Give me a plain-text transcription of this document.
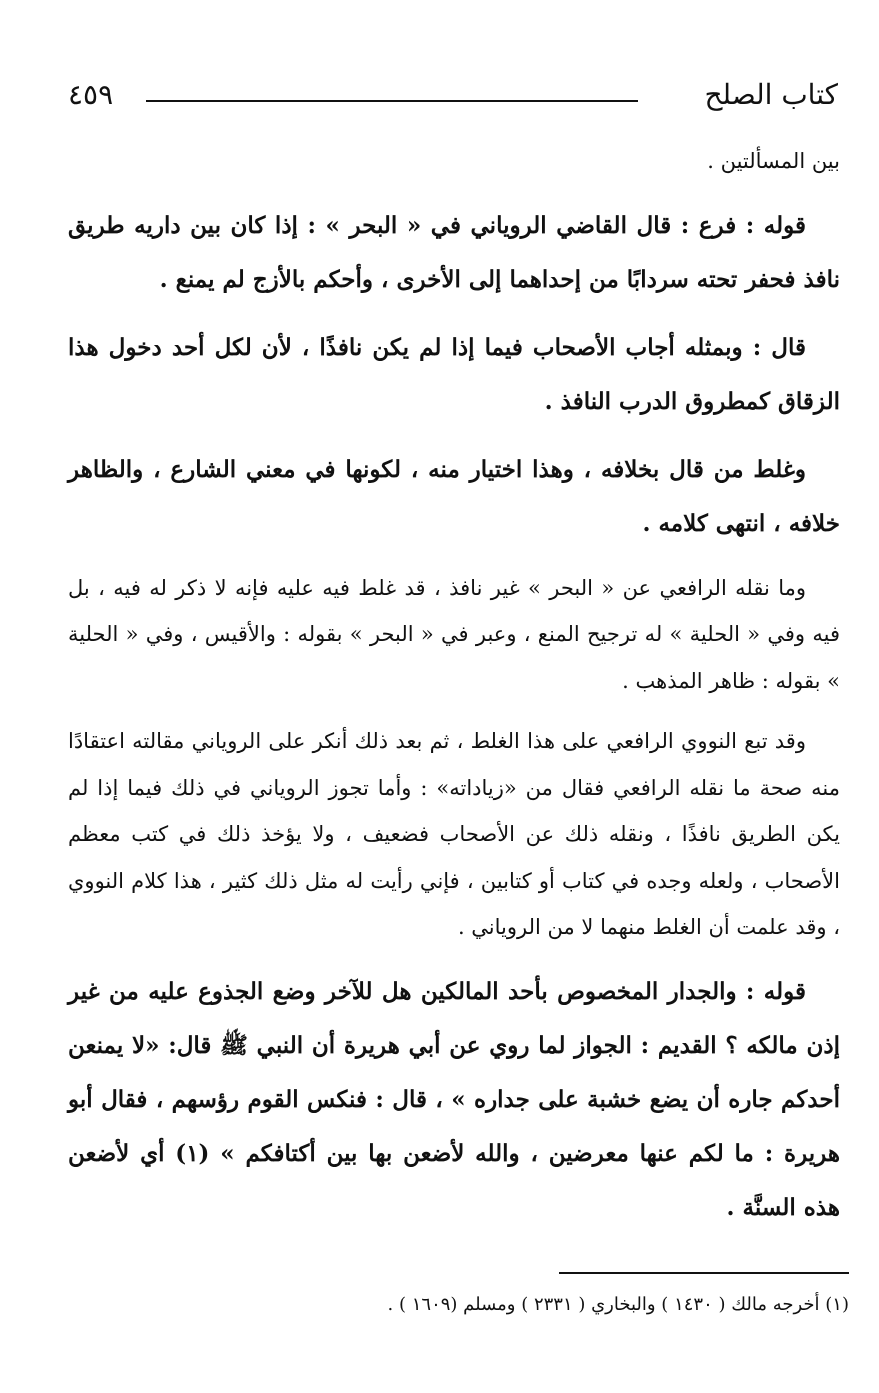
كتاب الصلح
٤٥٩

بين المسألتين .

قوله : فرع : قال القاضي الروياني في « البحر » : إذا كان بين داريه طريق نافذ فحفر تحته سردابًا من إحداهما إلى الأخرى ، وأحكم بالأزج لم يمنع .

قال : وبمثله أجاب الأصحاب فيما إذا لم يكن نافذًا ، لأن لكل أحد دخول هذا الزقاق كمطروق الدرب النافذ .

وغلط من قال بخلافه ، وهذا اختيار منه ، لكونها في معني الشارع ، والظاهر خلافه ، انتهى كلامه .

وما نقله الرافعي عن « البحر » غير نافذ ، قد غلط فيه عليه فإنه لا ذكر له فيه ، بل فيه وفي « الحلية » له ترجيح المنع ، وعبر في « البحر » بقوله : والأقيس ، وفي « الحلية » بقوله : ظاهر المذهب .

وقد تبع النووي الرافعي على هذا الغلط ، ثم بعد ذلك أنكر على الروياني مقالته اعتقادًا منه صحة ما نقله الرافعي فقال من «زياداته» : وأما تجوز الروياني في ذلك فيما إذا لم يكن الطريق نافذًا ، ونقله ذلك عن الأصحاب فضعيف ، ولا يؤخذ ذلك في كتب معظم الأصحاب ، ولعله وجده في كتاب أو كتابين ، فإني رأيت له مثل ذلك كثير ، هذا كلام النووي ، وقد علمت أن الغلط منهما لا من الروياني .

قوله : والجدار المخصوص بأحد المالكين هل للآخر وضع الجذوع عليه من غير إذن مالكه ؟ القديم : الجواز لما روي عن أبي هريرة أن النبي ﷺ قال: «لا يمنعن أحدكم جاره أن يضع خشبة على جداره » ، قال : فنكس القوم رؤسهم ، فقال أبو هريرة : ما لكم عنها معرضين ، والله لأضعن بها بين أكتافكم » (١) أي لأضعن هذه السنَّة .

(١) أخرجه مالك ( ١٤٣٠ ) والبخاري ( ٢٣٣١ ) ومسلم (١٦٠٩ ) .
